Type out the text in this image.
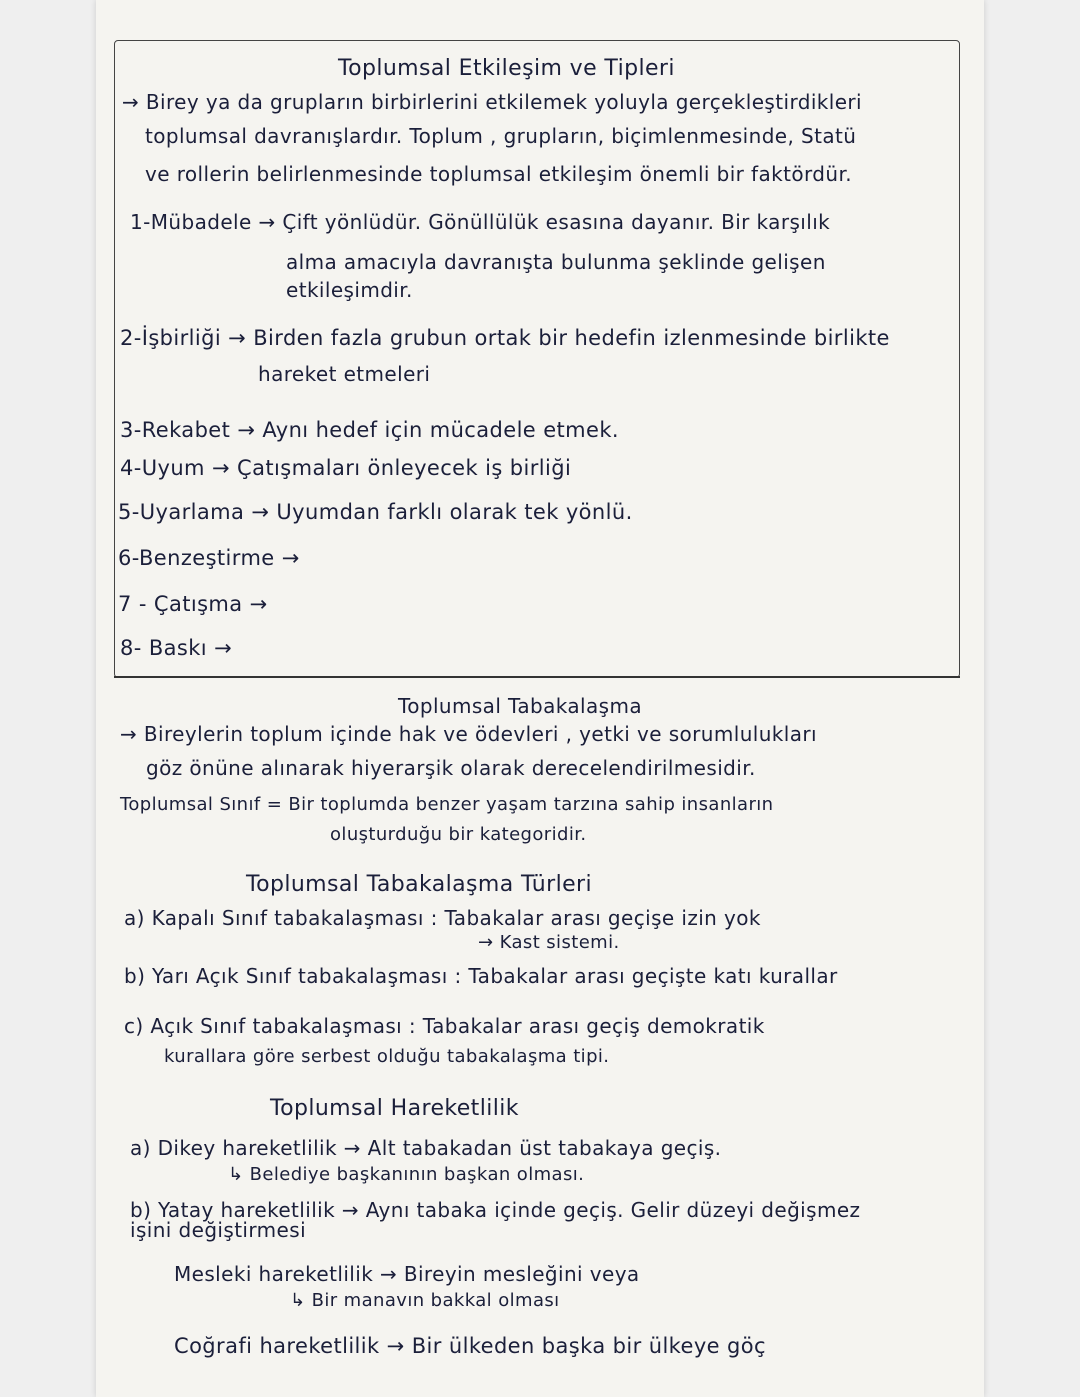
Toplumsal Etkileşim ve Tipleri
→ Birey ya da grupların birbirlerini etkilemek yoluyla gerçekleştirdikleri
toplumsal davranışlardır. Toplum , grupların, biçimlenmesinde, Statü
ve rollerin belirlenmesinde toplumsal etkileşim önemli bir faktördür.
1-Mübadele → Çift yönlüdür. Gönüllülük esasına dayanır. Bir karşılık
alma amacıyla davranışta bulunma şeklinde gelişen
etkileşimdir.
2-İşbirliği → Birden fazla grubun ortak bir hedefin izlenmesinde birlikte
hareket etmeleri
3-Rekabet → Aynı hedef için mücadele etmek.
4-Uyum → Çatışmaları önleyecek iş birliği
5-Uyarlama → Uyumdan farklı olarak tek yönlü.
6-Benzeştirme →
7 - Çatışma →
8- Baskı →
Toplumsal Tabakalaşma
→ Bireylerin toplum içinde hak ve ödevleri , yetki ve sorumlulukları
göz önüne alınarak hiyerarşik olarak derecelendirilmesidir.
Toplumsal Sınıf = Bir toplumda benzer yaşam tarzına sahip insanların
oluşturduğu bir kategoridir.
Toplumsal Tabakalaşma Türleri
a) Kapalı Sınıf tabakalaşması : Tabakalar arası geçişe izin yok
→ Kast sistemi.
b) Yarı Açık Sınıf tabakalaşması : Tabakalar arası geçişte katı kurallar
c) Açık Sınıf tabakalaşması : Tabakalar arası geçiş demokratik
kurallara göre serbest olduğu tabakalaşma tipi.
Toplumsal Hareketlilik
a) Dikey hareketlilik → Alt tabakadan üst tabakaya geçiş.
↳ Belediye başkanının başkan olması.
b) Yatay hareketlilik → Aynı tabaka içinde geçiş. Gelir düzeyi değişmez
işini değiştirmesi
Mesleki hareketlilik → Bireyin mesleğini veya
↳ Bir manavın bakkal olması
Coğrafi hareketlilik → Bir ülkeden başka bir ülkeye göç
